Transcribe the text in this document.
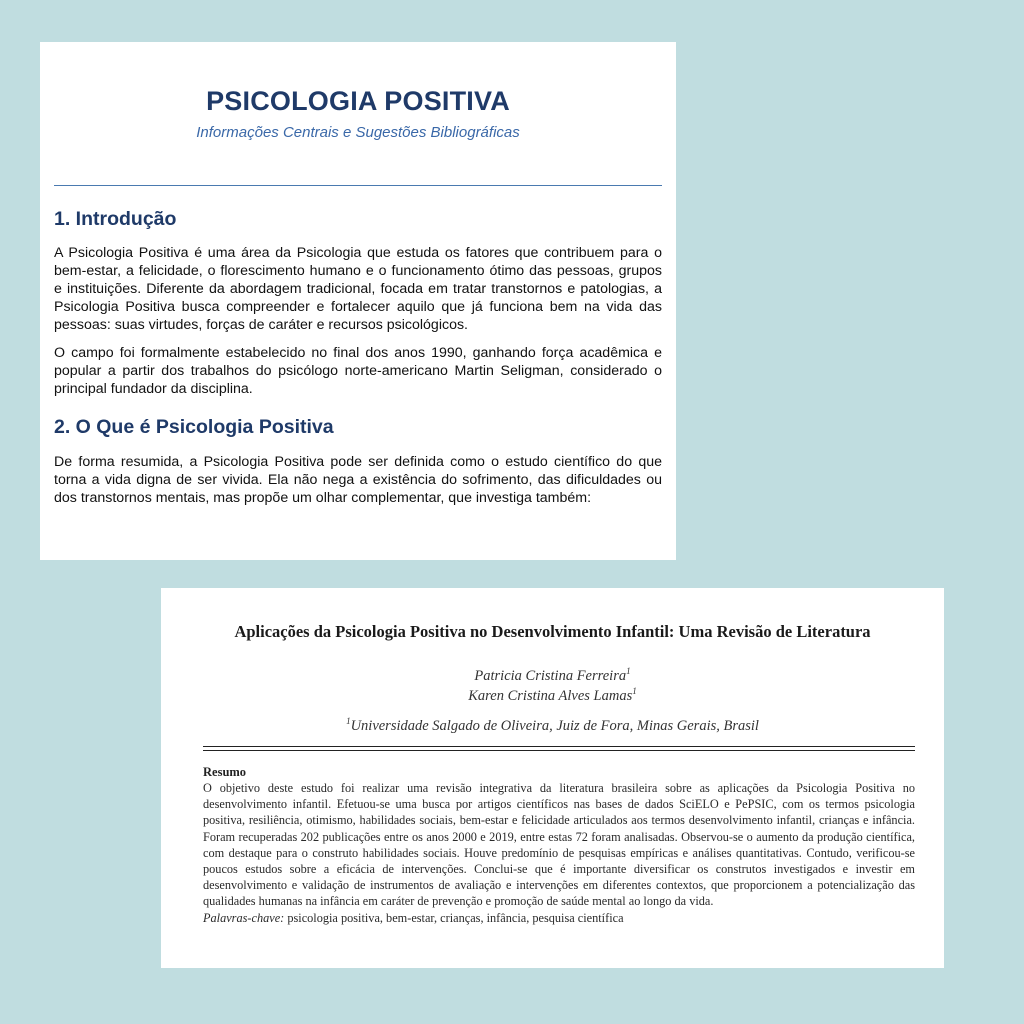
PSICOLOGIA POSITIVA

Informações Centrais e Sugestões Bibliográficas

1. Introdução

A Psicologia Positiva é uma área da Psicologia que estuda os fatores que contribuem para o bem-estar, a felicidade, o florescimento humano e o funcionamento ótimo das pessoas, grupos e instituições. Diferente da abordagem tradicional, focada em tratar transtornos e patologias, a Psicologia Positiva busca compreender e fortalecer aquilo que já funciona bem na vida das pessoas: suas virtudes, forças de caráter e recursos psicológicos.

O campo foi formalmente estabelecido no final dos anos 1990, ganhando força acadêmica e popular a partir dos trabalhos do psicólogo norte-americano Martin Seligman, considerado o principal fundador da disciplina.

2. O Que é Psicologia Positiva

De forma resumida, a Psicologia Positiva pode ser definida como o estudo científico do que torna a vida digna de ser vivida. Ela não nega a existência do sofrimento, das dificuldades ou dos transtornos mentais, mas propõe um olhar complementar, que investiga também:

Aplicações da Psicologia Positiva no Desenvolvimento Infantil: Uma Revisão de Literatura

Patricia Cristina Ferreira$^1$

Karen Cristina Alves Lamas$^1$

$^1$Universidade Salgado de Oliveira, Juiz de Fora, Minas Gerais, Brasil

Resumo

O objetivo deste estudo foi realizar uma revisão integrativa da literatura brasileira sobre as aplicações da Psicologia Positiva no desenvolvimento infantil. Efetuou-se uma busca por artigos científicos nas bases de dados SciELO e PePSIC, com os termos psicologia positiva, resiliência, otimismo, habilidades sociais, bem-estar e felicidade articulados aos termos desenvolvimento infantil, crianças e infância. Foram recuperadas 202 publicações entre os anos 2000 e 2019, entre estas 72 foram analisadas. Observou-se o aumento da produção científica, com destaque para o construto habilidades sociais. Houve predomínio de pesquisas empíricas e análises quantitativas. Contudo, verificou-se poucos estudos sobre a eficácia de intervenções. Conclui-se que é importante diversificar os construtos investigados e investir em desenvolvimento e validação de instrumentos de avaliação e intervenções em diferentes contextos, que proporcionem a potencialização das qualidades humanas na infância em caráter de prevenção e promoção de saúde mental ao longo da vida.

Palavras-chave: psicologia positiva, bem-estar, crianças, infância, pesquisa científica
